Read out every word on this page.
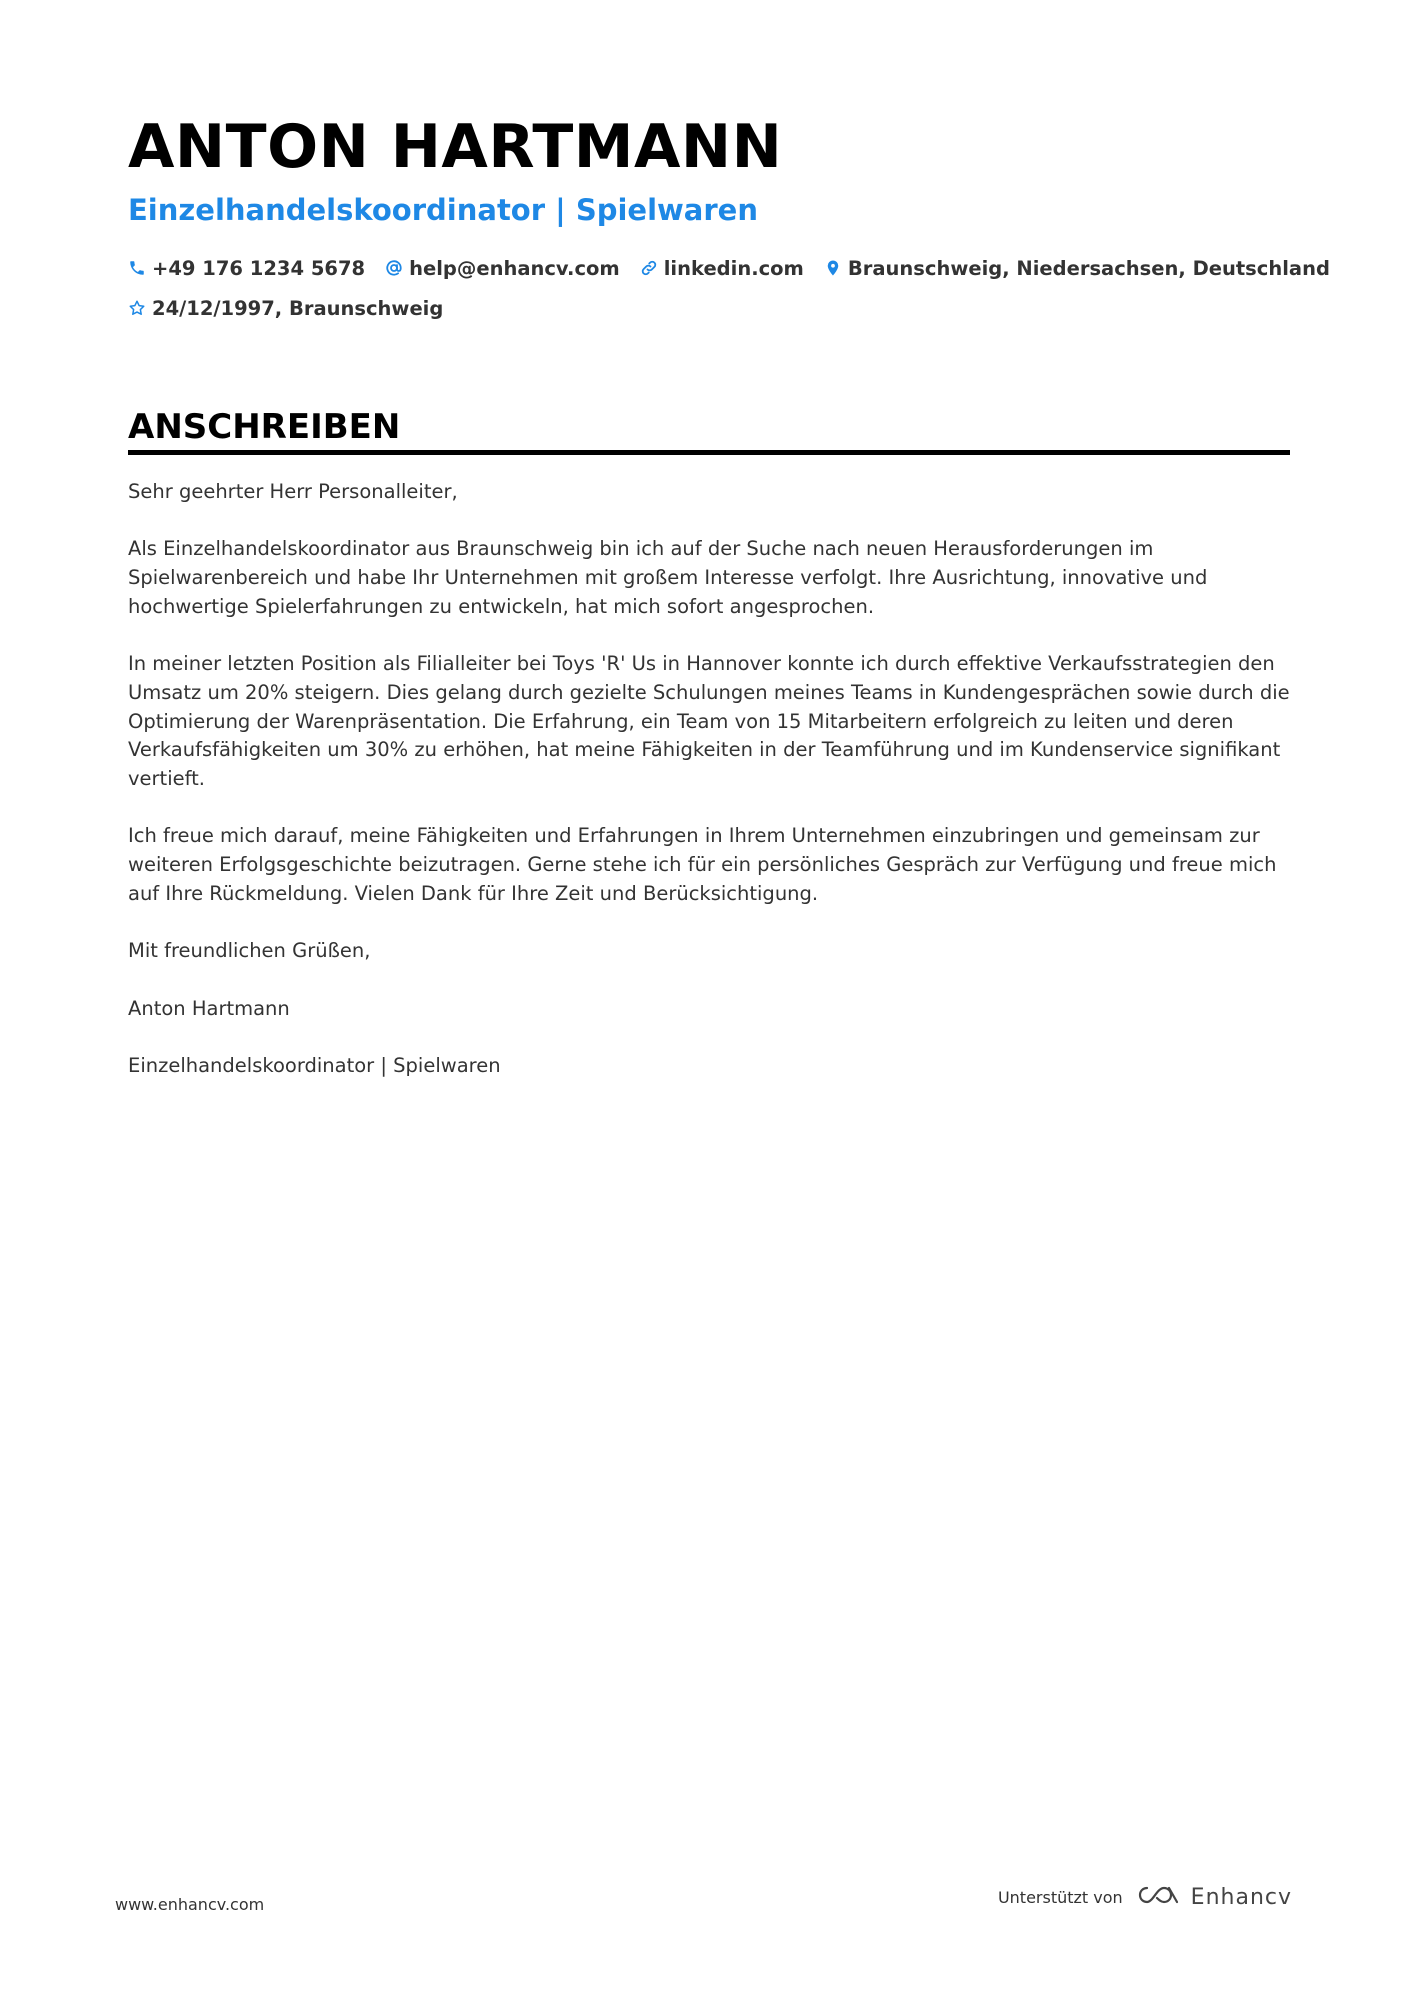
ANTON HARTMANN
Einzelhandelskoordinator | Spielwaren
+49 176 1234 5678 help@enhancv.com linkedin.com Braunschweig, Niedersachsen, Deutschland
24/12/1997, Braunschweig
ANSCHREIBEN

Sehr geehrter Herr Personalleiter,

Als Einzelhandelskoordinator aus Braunschweig bin ich auf der Suche nach neuen Herausforderungen im Spielwarenbereich und habe Ihr Unternehmen mit großem Interesse verfolgt. Ihre Ausrichtung, innovative und hochwertige Spielerfahrungen zu entwickeln, hat mich sofort angesprochen.

In meiner letzten Position als Filialleiter bei Toys 'R' Us in Hannover konnte ich durch effektive Verkaufsstrategien den Umsatz um 20% steigern. Dies gelang durch gezielte Schulungen meines Teams in Kundengesprächen sowie durch die Optimierung der Warenpräsentation. Die Erfahrung, ein Team von 15 Mitarbeitern erfolgreich zu leiten und deren Verkaufsfähigkeiten um 30% zu erhöhen, hat meine Fähigkeiten in der Teamführung und im Kundenservice signifikant vertieft.

Ich freue mich darauf, meine Fähigkeiten und Erfahrungen in Ihrem Unternehmen einzubringen und gemeinsam zur weiteren Erfolgsgeschichte beizutragen. Gerne stehe ich für ein persönliches Gespräch zur Verfügung und freue mich auf Ihre Rückmeldung. Vielen Dank für Ihre Zeit und Berücksichtigung.

Mit freundlichen Grüßen,

Anton Hartmann

Einzelhandelskoordinator | Spielwaren

www.enhancv.com	Unterstützt von	Enhancv
